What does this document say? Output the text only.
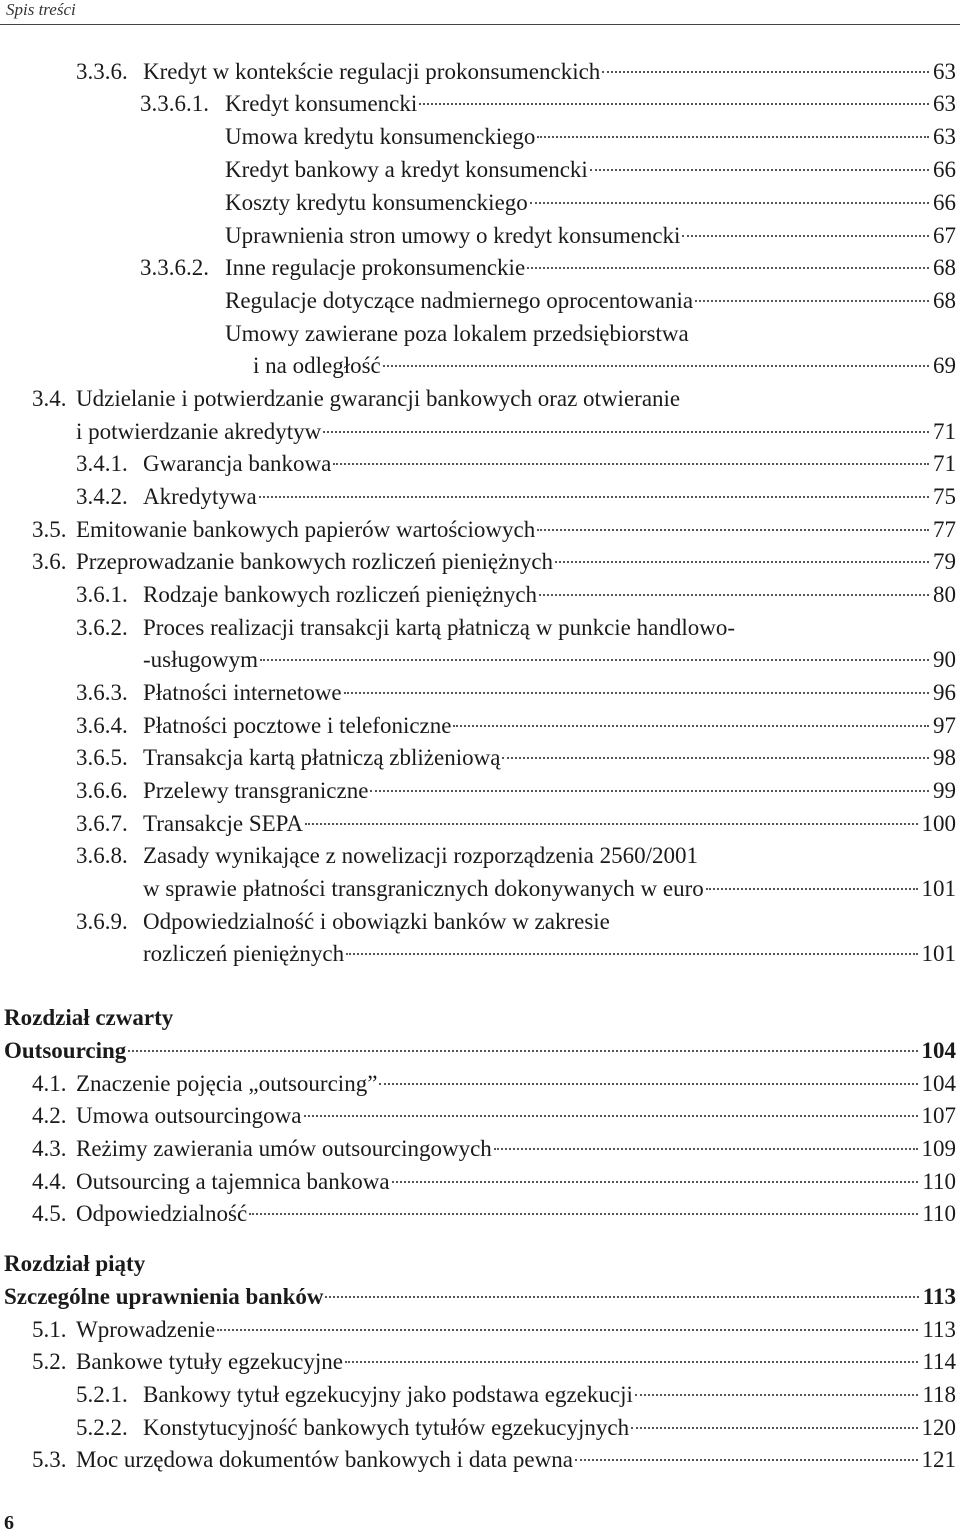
Spis treści
3.3.6. Kredyt w kontekście regulacji prokonsumenckich	63
3.3.6.1. Kredyt konsumencki	63
Umowa kredytu konsumenckiego	63
Kredyt bankowy a kredyt konsumencki	66
Koszty kredytu konsumenckiego	66
Uprawnienia stron umowy o kredyt konsumencki	67
3.3.6.2. Inne regulacje prokonsumenckie	68
Regulacje dotyczące nadmiernego oprocentowania	68
Umowy zawierane poza lokalem przedsiębiorstwa
i na odległość	69
3.4. Udzielanie i potwierdzanie gwarancji bankowych oraz otwieranie
i potwierdzanie akredytyw	71
3.4.1. Gwarancja bankowa	71
3.4.2. Akredytywa	75
3.5. Emitowanie bankowych papierów wartościowych	77
3.6. Przeprowadzanie bankowych rozliczeń pieniężnych	79
3.6.1. Rodzaje bankowych rozliczeń pieniężnych	80
3.6.2. Proces realizacji transakcji kartą płatniczą w punkcie handlowo-
-usługowym	90
3.6.3. Płatności internetowe	96
3.6.4. Płatności pocztowe i telefoniczne	97
3.6.5. Transakcja kartą płatniczą zbliżeniową	98
3.6.6. Przelewy transgraniczne	99
3.6.7. Transakcje SEPA	100
3.6.8. Zasady wynikające z nowelizacji rozporządzenia 2560/2001
w sprawie płatności transgranicznych dokonywanych w euro	101
3.6.9. Odpowiedzialność i obowiązki banków w zakresie
rozliczeń pieniężnych	101
Rozdział czwarty
Outsourcing	104
4.1. Znaczenie pojęcia „outsourcing”	104
4.2. Umowa outsourcingowa	107
4.3. Reżimy zawierania umów outsourcingowych	109
4.4. Outsourcing a tajemnica bankowa	110
4.5. Odpowiedzialność	110
Rozdział piąty
Szczególne uprawnienia banków	113
5.1. Wprowadzenie	113
5.2. Bankowe tytuły egzekucyjne	114
5.2.1. Bankowy tytuł egzekucyjny jako podstawa egzekucji	118
5.2.2. Konstytucyjność bankowych tytułów egzekucyjnych	120
5.3. Moc urzędowa dokumentów bankowych i data pewna	121
6
